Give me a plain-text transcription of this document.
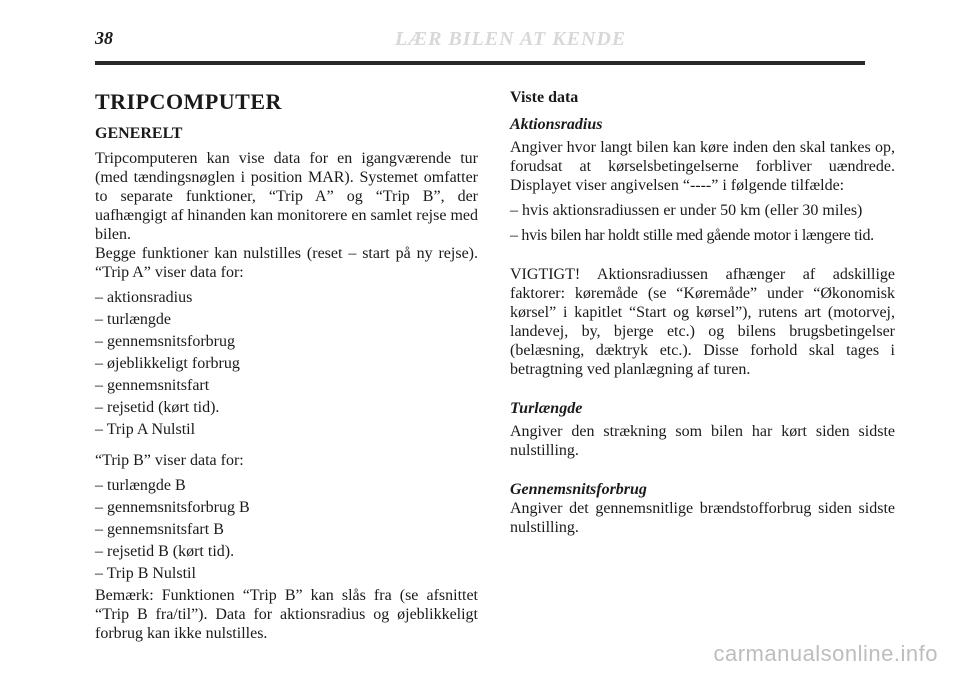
38	LÆR BILEN AT KENDE
TRIPCOMPUTER
GENERELT

Tripcomputeren kan vise data for en igangværende tur (med tændingsnøglen i position MAR). Systemet omfatter to separate funktioner, “Trip A” og “Trip B”, der uafhængigt af hinanden kan monitorere en samlet rejse med bilen.

Begge funktioner kan nulstilles (reset – start på ny rejse). “Trip A” viser data for:

– aktionsradius
– turlængde
– gennemsnitsforbrug
– øjeblikkeligt forbrug
– gennemsnitsfart
– rejsetid (kørt tid).
– Trip A Nulstil

“Trip B” viser data for:

– turlængde B
– gennemsnitsforbrug B
– gennemsnitsfart B
– rejsetid B (kørt tid).
– Trip B Nulstil

Bemærk: Funktionen “Trip B” kan slås fra (se afsnittet “Trip B fra/til”). Data for aktionsradius og øjeblikkeligt forbrug kan ikke nulstilles.

Viste data
Aktionsradius

Angiver hvor langt bilen kan køre inden den skal tankes op, forudsat at kørselsbetingelserne forbliver uændrede. Displayet viser angivelsen “----” i følgende tilfælde:

– hvis aktionsradiussen er under 50 km (eller 30 miles)
– hvis bilen har holdt stille med gående motor i længere tid.

VIGTIGT! Aktionsradiussen afhænger af adskillige faktorer: køremåde (se “Køremåde” under “Økonomisk kørsel” i kapitlet “Start og kørsel”), rutens art (motorvej, landevej, by, bjerge etc.) og bilens brugsbetingelser (belæsning, dæktryk etc.). Disse forhold skal tages i betragtning ved planlægning af turen.

Turlængde

Angiver den strækning som bilen har kørt siden sidste nulstilling.

Gennemsnitsforbrug

Angiver det gennemsnitlige brændstofforbrug siden sidste nulstilling.

carmanualsonline.info
